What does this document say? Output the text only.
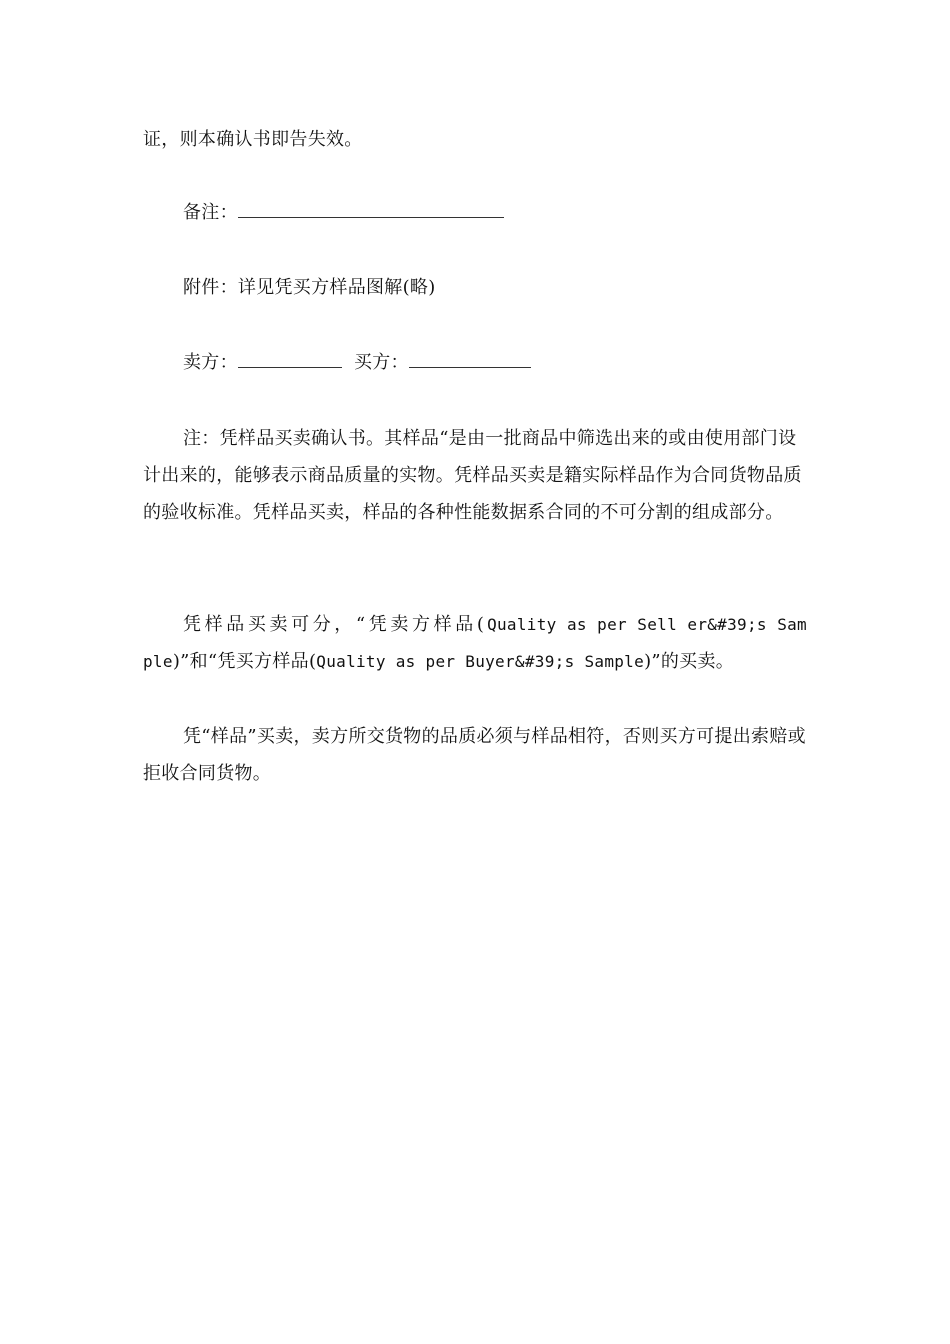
证，则本确认书即告失效。
备注：
附件：详见凭买方样品图解(略)
卖方：	买方：
注：凭样品买卖确认书。其样品“是由一批商品中筛选出来的或由使用部门设计出来的，能够表示商品质量的实物。凭样品买卖是籍实际样品作为合同货物品质的验收标准。凭样品买卖，样品的各种性能数据系合同的不可分割的组成部分。
凭样品买卖可分，“凭卖方样品(Quality as per Sell er&#39;s Sample)”和“凭买方样品(Quality as per Buyer&#39;s Sample)”的买卖。
凭“样品”买卖，卖方所交货物的品质必须与样品相符，否则买方可提出索赔或拒收合同货物。
